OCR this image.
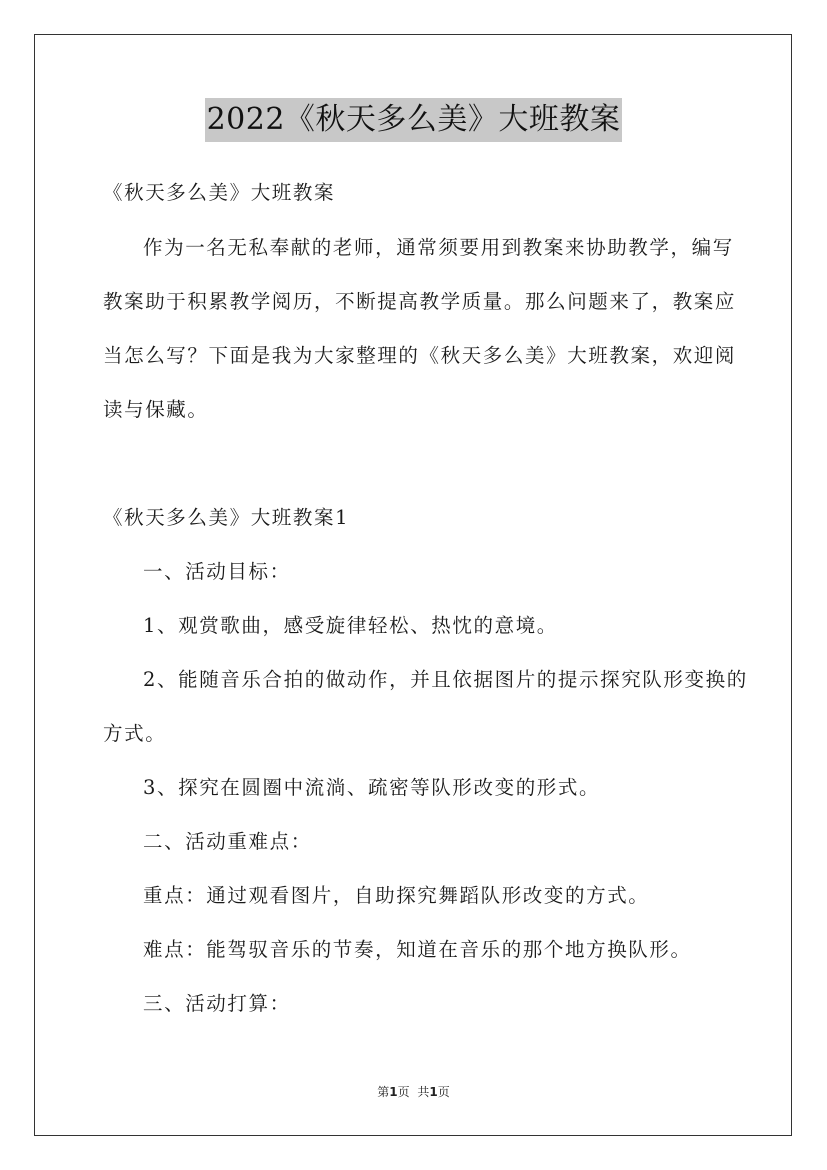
2022《秋天多么美》大班教案
《秋天多么美》大班教案
作为一名无私奉献的老师，通常须要用到教案来协助教学，编写
教案助于积累教学阅历，不断提高教学质量。那么问题来了，教案应
当怎么写？下面是我为大家整理的《秋天多么美》大班教案，欢迎阅
读与保藏。
《秋天多么美》大班教案1
一、活动目标：
1、观赏歌曲，感受旋律轻松、热忱的意境。
2、能随音乐合拍的做动作，并且依据图片的提示探究队形变换的
方式。
3、探究在圆圈中流淌、疏密等队形改变的形式。
二、活动重难点：
重点：通过观看图片，自助探究舞蹈队形改变的方式。
难点：能驾驭音乐的节奏，知道在音乐的那个地方换队形。
三、活动打算：
第1页 共1页
